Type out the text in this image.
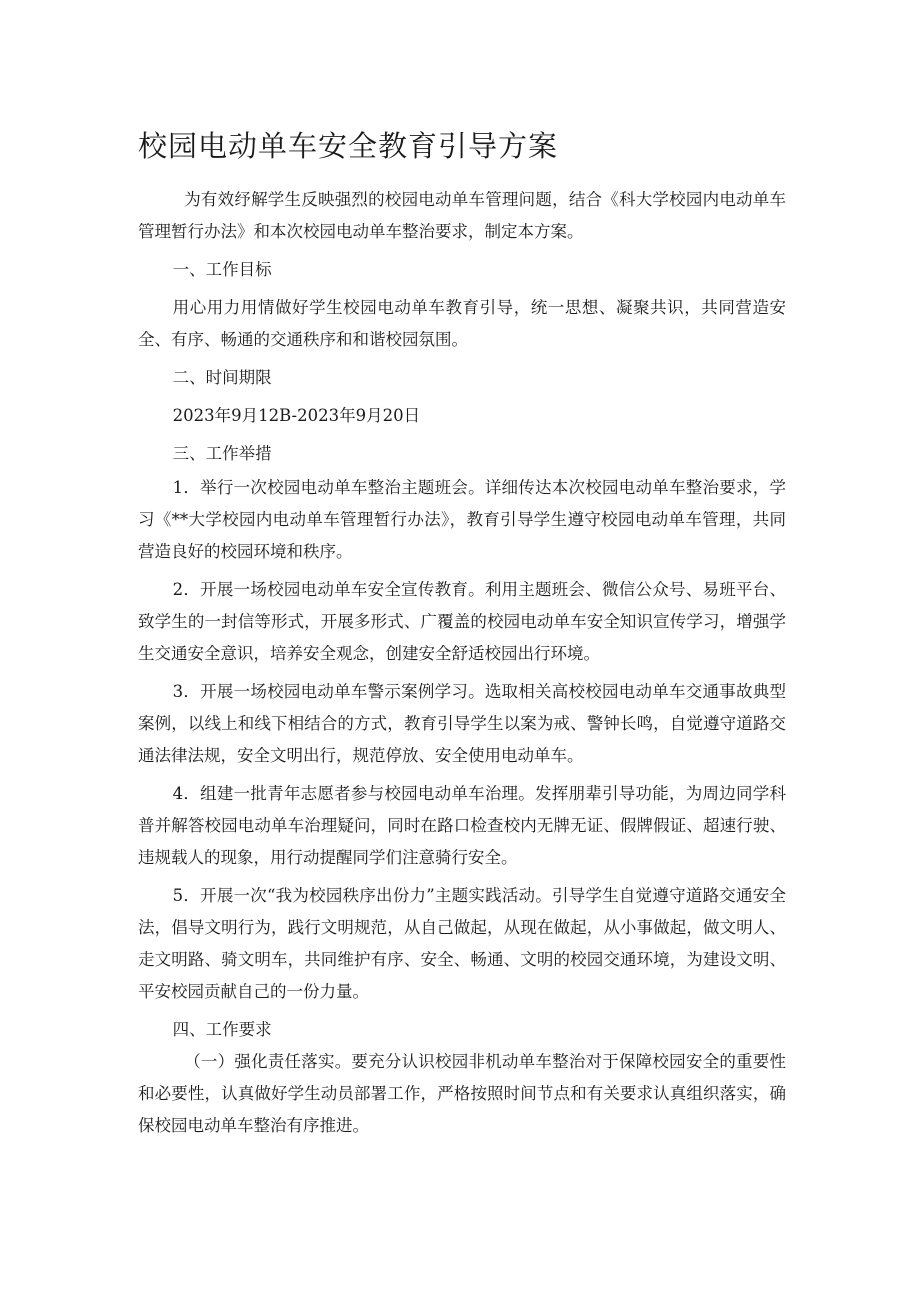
校园电动单车安全教育引导方案

为有效纾解学生反映强烈的校园电动单车管理问题，结合《科大学校园内电动单车管理暂行办法》和本次校园电动单车整治要求，制定本方案。

一、工作目标

用心用力用情做好学生校园电动单车教育引导，统一思想、凝聚共识，共同营造安全、有序、畅通的交通秩序和和谐校园氛围。

二、时间期限

2023年9月12B-2023年9月20日

三、工作举措

1．举行一次校园电动单车整治主题班会。详细传达本次校园电动单车整治要求，学习《**大学校园内电动单车管理暂行办法》，教育引导学生遵守校园电动单车管理，共同营造良好的校园环境和秩序。

2．开展一场校园电动单车安全宣传教育。利用主题班会、微信公众号、易班平台、致学生的一封信等形式，开展多形式、广覆盖的校园电动单车安全知识宣传学习，增强学生交通安全意识，培养安全观念，创建安全舒适校园出行环境。

3．开展一场校园电动单车警示案例学习。选取相关高校校园电动单车交通事故典型案例，以线上和线下相结合的方式，教育引导学生以案为戒、警钟长鸣，自觉遵守道路交通法律法规，安全文明出行，规范停放、安全使用电动单车。

4．组建一批青年志愿者参与校园电动单车治理。发挥朋辈引导功能，为周边同学科普并解答校园电动单车治理疑问，同时在路口检查校内无牌无证、假牌假证、超速行驶、违规载人的现象，用行动提醒同学们注意骑行安全。

5．开展一次“我为校园秩序出份力”主题实践活动。引导学生自觉遵守道路交通安全法，倡导文明行为，践行文明规范，从自己做起，从现在做起，从小事做起，做文明人、走文明路、骑文明车，共同维护有序、安全、畅通、文明的校园交通环境，为建设文明、平安校园贡献自己的一份力量。

四、工作要求

（一）强化责任落实。要充分认识校园非机动单车整治对于保障校园安全的重要性和必要性，认真做好学生动员部署工作，严格按照时间节点和有关要求认真组织落实，确保校园电动单车整治有序推进。
